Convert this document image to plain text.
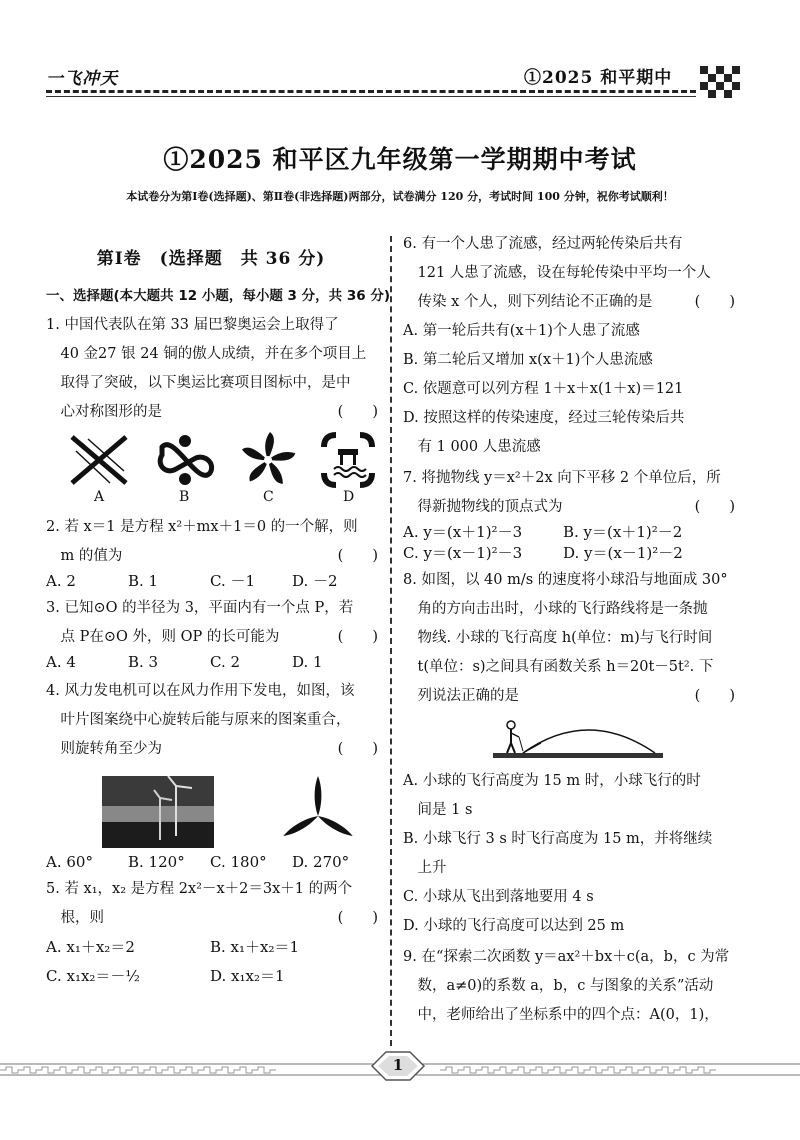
一飞冲天	①2025 和平期中
①2025 和平区九年级第一学期期中考试
本试卷分为第Ⅰ卷(选择题)、第Ⅱ卷(非选择题)两部分，试卷满分 120 分，考试时间 100 分钟，祝你考试顺利！
第Ⅰ卷　(选择题　共 36 分)
一、选择题(本大题共 12 小题，每小题 3 分，共 36 分)
1. 中国代表队在第 33 届巴黎奥运会上取得了
　40 金27 银 24 铜的傲人成绩，并在多个项目上
　取得了突破，以下奥运比赛项目图标中，是中
　心对称图形的是	(　　)
A	B	C	D
2. 若 x＝1 是方程 x²＋mx＋1＝0 的一个解，则
　m 的值为	(　　)
A. 2	B. 1	C. －1	D. －2
3. 已知⊙O 的半径为 3，平面内有一个点 P，若
　点 P在⊙O 外，则 OP 的长可能为	(　　)
A. 4	B. 3	C. 2	D. 1
4. 风力发电机可以在风力作用下发电，如图，该
　叶片图案绕中心旋转后能与原来的图案重合，
　则旋转角至少为	(　　)
A. 60°	B. 120°	C. 180°	D. 270°
5. 若 x₁，x₂ 是方程 2x²－x＋2＝3x＋1 的两个
　根，则	(　　)
A. x₁＋x₂＝2	B. x₁＋x₂＝1
C. x₁x₂＝－½	D. x₁x₂＝1
6. 有一个人患了流感，经过两轮传染后共有
　121 人患了流感，设在每轮传染中平均一个人
　传染 x 个人，则下列结论不正确的是	(　　)
A. 第一轮后共有(x＋1)个人患了流感
B. 第二轮后又增加 x(x＋1)个人患流感
C. 依题意可以列方程 1＋x＋x(1＋x)＝121
D. 按照这样的传染速度，经过三轮传染后共
　有 1 000 人患流感
7. 将抛物线 y＝x²＋2x 向下平移 2 个单位后，所
　得新抛物线的顶点式为	(　　)
A. y＝(x＋1)²－3	B. y＝(x＋1)²－2
C. y＝(x－1)²－3	D. y＝(x－1)²－2
8. 如图，以 40 m/s 的速度将小球沿与地面成 30°
　角的方向击出时，小球的飞行路线将是一条抛
　物线. 小球的飞行高度 h(单位：m)与飞行时间
　t(单位：s)之间具有函数关系 h＝20t－5t². 下
　列说法正确的是	(　　)
A. 小球的飞行高度为 15 m 时，小球飞行的时
　间是 1 s
B. 小球飞行 3 s 时飞行高度为 15 m，并将继续
　上升
C. 小球从飞出到落地要用 4 s
D. 小球的飞行高度可以达到 25 m
9. 在“探索二次函数 y＝ax²＋bx＋c(a，b，c 为常
　数，a≠0)的系数 a，b，c 与图象的关系”活动
　中，老师给出了坐标系中的四个点：A(0，1)，
1
